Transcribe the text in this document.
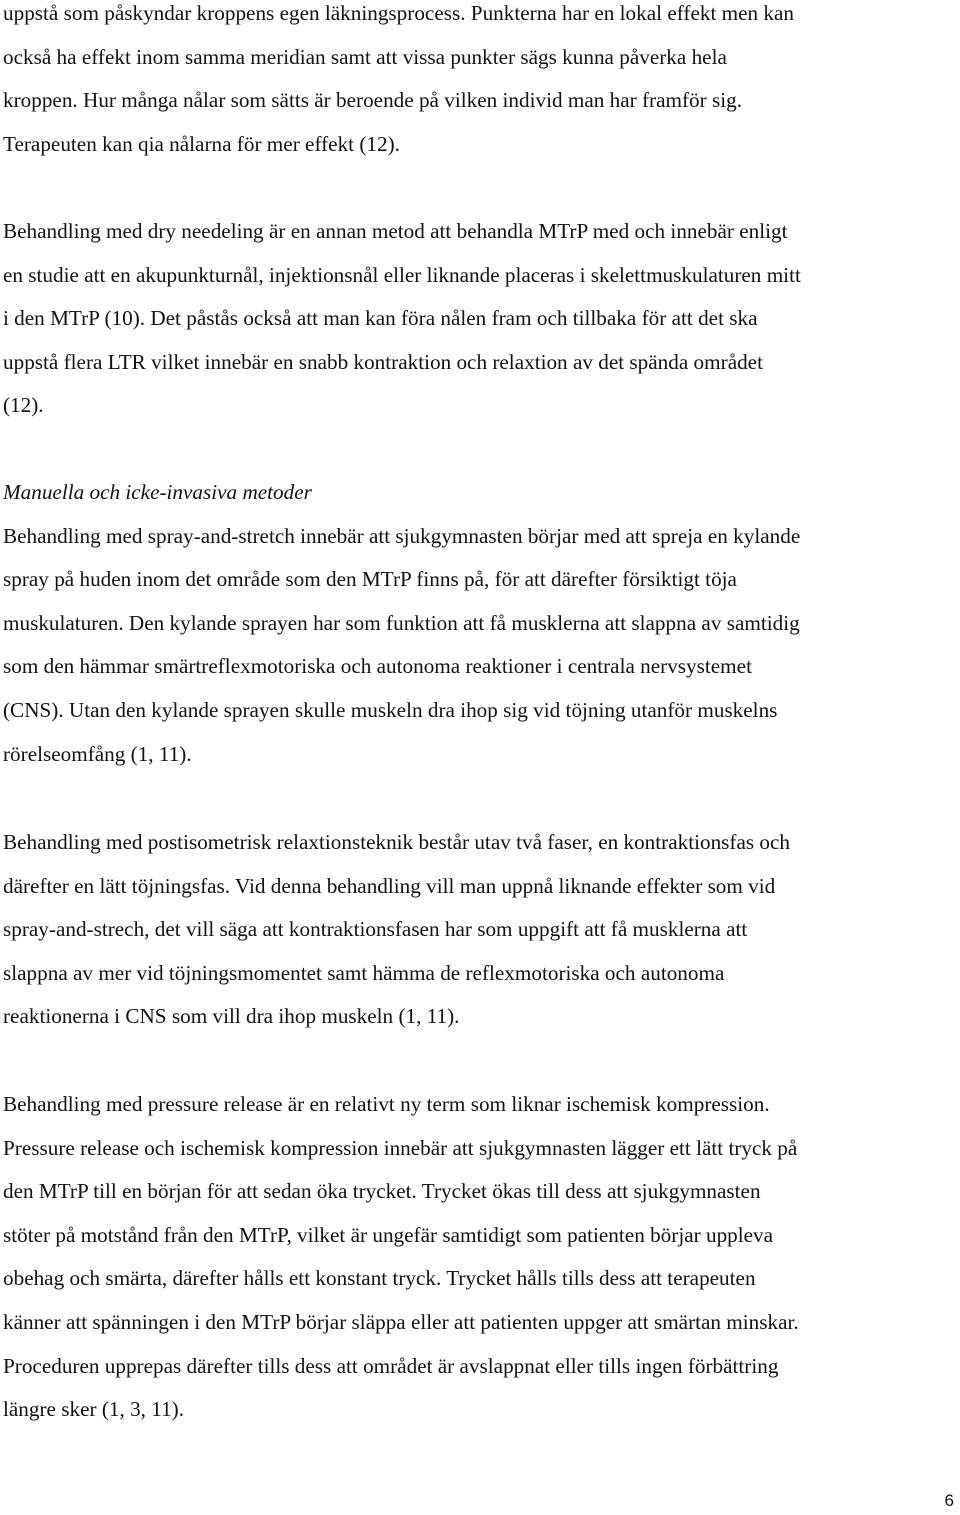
uppstå som påskyndar kroppens egen läkningsprocess. Punkterna har en lokal effekt men kan
också ha effekt inom samma meridian samt att vissa punkter sägs kunna påverka hela
kroppen. Hur många nålar som sätts är beroende på vilken individ man har framför sig.
Terapeuten kan qia nålarna för mer effekt (12).
Behandling med dry needeling är en annan metod att behandla MTrP med och innebär enligt
en studie att en akupunkturnål, injektionsnål eller liknande placeras i skelettmuskulaturen mitt
i den MTrP (10). Det påstås också att man kan föra nålen fram och tillbaka för att det ska
uppstå flera LTR vilket innebär en snabb kontraktion och relaxtion av det spända området
(12).
Manuella och icke-invasiva metoder
Behandling med spray-and-stretch innebär att sjukgymnasten börjar med att spreja en kylande
spray på huden inom det område som den MTrP finns på, för att därefter försiktigt töja
muskulaturen. Den kylande sprayen har som funktion att få musklerna att slappna av samtidig
som den hämmar smärtreflexmotoriska och autonoma reaktioner i centrala nervsystemet
(CNS). Utan den kylande sprayen skulle muskeln dra ihop sig vid töjning utanför muskelns
rörelseomfång (1, 11).
Behandling med postisometrisk relaxtionsteknik består utav två faser, en kontraktionsfas och
därefter en lätt töjningsfas. Vid denna behandling vill man uppnå liknande effekter som vid
spray-and-strech, det vill säga att kontraktionsfasen har som uppgift att få musklerna att
slappna av mer vid töjningsmomentet samt hämma de reflexmotoriska och autonoma
reaktionerna i CNS som vill dra ihop muskeln (1, 11).
Behandling med pressure release är en relativt ny term som liknar ischemisk kompression.
Pressure release och ischemisk kompression innebär att sjukgymnasten lägger ett lätt tryck på
den MTrP till en början för att sedan öka trycket. Trycket ökas till dess att sjukgymnasten
stöter på motstånd från den MTrP, vilket är ungefär samtidigt som patienten börjar uppleva
obehag och smärta, därefter hålls ett konstant tryck. Trycket hålls tills dess att terapeuten
känner att spänningen i den MTrP börjar släppa eller att patienten uppger att smärtan minskar.
Proceduren upprepas därefter tills dess att området är avslappnat eller tills ingen förbättring
längre sker (1, 3, 11).
6
